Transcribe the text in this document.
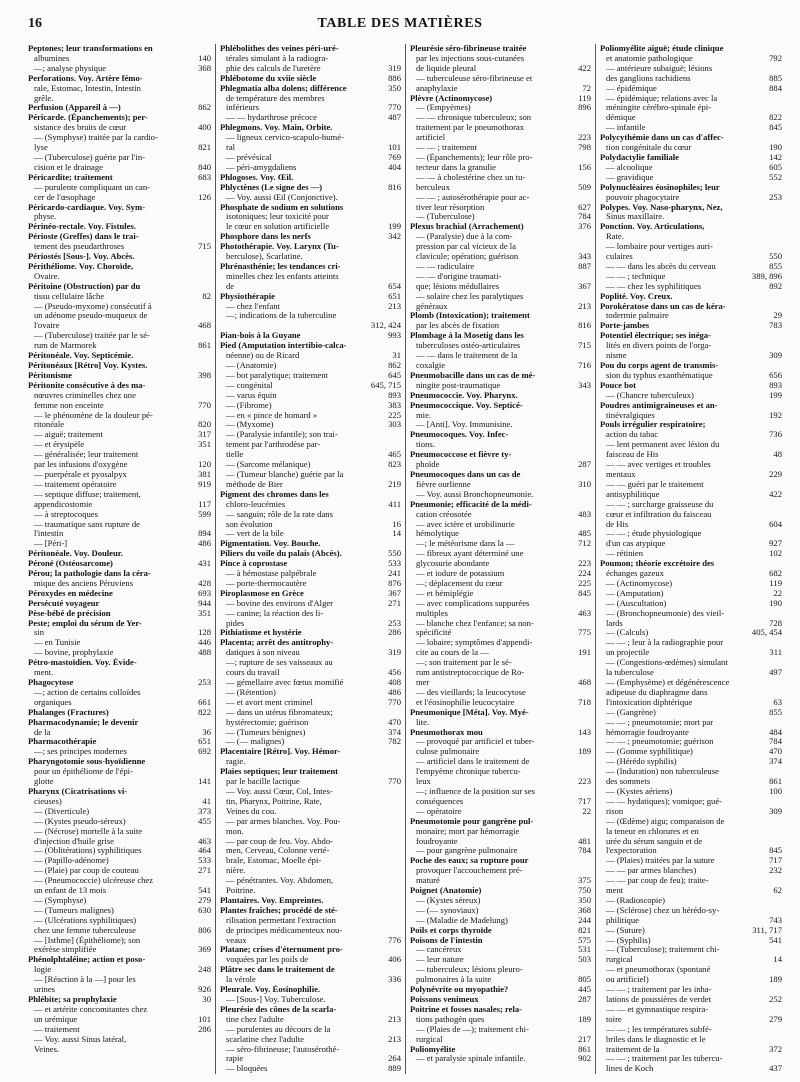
16	TABLE DES MATIÈRES
Peptones; leur transformations en
albumines	140
—; analyse physique	368
Perforations. Voy. Artère fémo-
rale, Estomac, Intestin, Intestin
grêle.
Perfusion (Appareil à —)	862
Péricarde. (Épanchements); per-
sistance des bruits de cœur	400
— (Symphyse) traitée par la cardio-
lyse	821
— (Tuberculose) guérie par l'in-
cision et le drainage	840
Péricardite; traitement	683
— purulente compliquant un can-
cer de l'œsophage	126
Péricardo-cardiaque. Voy. Sym-
physe.
Périnéo-rectale. Voy. Fistules.
Périoste (Greffes) dans le trai-
tement des pseudarthroses	715
Périostés [Sous-]. Voy. Abcès.
Périthéliome. Voy. Choroïde,
Ovaire.
Péritoine (Obstruction) par du
tissu cellulaire lâche	82
— (Pseudo-myxome) consécutif à
un adénome pseudo-muqueux de
l'ovaire	468
— (Tuberculose) traitée par le sé-
rum de Marmorek	861
Péritonéale. Voy. Septicémie.
Péritonéaux [Rétro] Voy. Kystes.
Péritonisme	398
Péritonite consécutive à des ma-
nœuvres criminelles chez une
femme non enceinte	770
— le phénomène de la douleur pé-
ritonéale	820
— aiguë; traitement	317
— et érysipèle	351
— généralisée; leur traitement
par les infusions d'oxygène	120
— puerpérale et pyosalpyx	381
— traitement opératoire	919
— septique diffuse; traitement,
appendicostomie	117
— à streptocoques	599
— traumatique sans rupture de
l'intestin	894
— [Péri-]	486
Péritonéale. Voy. Douleur.
Péroné (Ostéosarcome)	431
Pérou; la pathologie dans la céra-
mique des anciens Péruviens	428
Péroxydes en médecine	693
Persécuté voyageur	944
Pèse-bébé de précision	351
Peste; emploi du sérum de Yer-
sin	128
— en Tunisie	446
— bovine, prophylaxie	488
Pétro-mastoïdien. Voy. Évide-
ment.
Phagocytose	253
—; action de certains colloïdes
organiques	661
Phalanges (Fractures)	822
Pharmacodynamie; le devenir
de la	36
Pharmacothérapie	651
—; ses principes modernes	692
Pharyngotomie sous-hyoïdienne
pour un épithéliome de l'épi-
glotte	141
Pharynx (Cicatrisations vi-
cieuses)	41
— (Diverticule)	373
— (Kystes pseudo-séreux)	455
— (Nécrose) mortelle à la suite
d'injection d'huile grise	463
— (Oblitérations) syphilitiques	464
— (Papillo-adénome)	533
— (Plaie) par coup de couteau	271
— (Pneumococcie) ulcéreuse chez
un enfant de 13 mois	541
— (Symphyse)	279
— (Tumeurs malignes)	630
— (Ulcérations syphilitiques)
chez une femme tuberculeuse	806
— [Isthme] (Épithéliome); son
exérèse simplifiée	369
Phénolphtaléine; action et poso-
logie	248
— [Réaction à la —] pour les
urines	926
Phlébite; sa prophylaxie	30
— et artérite concomitantes chez
un urémique	101
— traitement	286
— Voy. aussi Sinus latéral,
Veines.
Phlébolithes des veines péri-uré-
térales simulant à la radiogra-
phie des calculs de l'uretère	319
Phlébotome du xviie siècle	886
Phlegmatia alba dolens; différence	350
de température des membres
inférieurs	770
— — hydarthrose précoce	487
Phlegmons. Voy. Main, Orbite.
— ligneux cervico-scapulo-humé-
ral	101
— prévésical	769
— péri-amygdaliens	404
Phlogoses. Voy. Œil.
Phlyctènes (Le signe des —)	816
— Voy. aussi Œil (Conjonctive).
Phosphate de sodium en solutions
isotoniques; leur toxicité pour
le cœur en solution artificielle	199
Phosphore dans les nerfs	342
Photothérapie. Voy. Larynx (Tu-
berculose), Scarlatine.
Phrénasthénie; les tendances cri-
minelles chez les enfants atteints
de	654
Physiothérapie	651
— chez l'enfant	213
—; indications de la tuberculine
312, 424
Pian-bois à la Guyane	993
Pied (Amputation intertibio-calca-
néenne) ou de Ricard	31
— (Anatomie)	862
— bot paralytique; traitement	645
— congénital	645, 715
— varus équin	893
— (Fibrome)	383
— en « pince de homard »	225
— (Myxome)	303
— (Paralysie infantile); son trai-
tement par l'arthrodèse par-
tielle	465
— (Sarcome mélanique)	823
— (Tumeur blanche) guérie par la
méthode de Bier	219
Pigment des chromes dans les
chloro-leucémies	411
— sanguin; rôle de la rate dans
son évolution	16
— vert de la bile	14
Pigmentation. Voy. Bouche.
Piliers du voile du palais (Abcès).	550
Pince à coprostase	533
— à hémostase palpébrale	241
— porte-thermocautère	876
Piroplasmose en Grèce	367
— bovine des environs d'Alger	271
— canine; la réaction des li-
pides	253
Pithiatisme et hystérie	286
Placenta; arrêt des antitrophy-
datiques à son niveau	319
—; rupture de ses vaisseaux au
cours du travail	456
— gémellaire avec fœtus momifié	408
— (Rétention)	486
— et avort ment criminel	770
— dans un utérus fibromateux;
hystérectomie; guérison	470
— (Tumeurs bénignes)	374
— (— malignes)	782
Placentaire [Rétro]. Voy. Hémor-
ragie.
Plaies septiques; leur traitement
par le bacille lactique	770
— Voy. aussi Cœur, Col, Intes-
tin, Pharynx, Poitrine, Rate,
Veines du cou.
— par armes blanches. Voy. Pou-
mon.
— par coup de feu. Voy. Abdo-
men, Cerveau, Colonne verté-
brale, Estomac, Moelle épi-
nière.
— pénétrantes. Voy. Abdomen,
Poitrine.
Plantaires. Voy. Empreintes.
Plantes fraîches; procédé de sté-
rilisation permettant l'extraction
de principes médicamenteux nou-
veaux	776
Platane; crises d'éternument pro-
voquées par les poils de	406
Plâtre sec dans le traitement de
la vérole	336
Pleurale. Voy. Éosinophilie.
— [Sous-] Voy. Tuberculose.
Pleurésie des cônes de la scarla-
tine chez l'adulte	213
— purulentes au décours de la
scarlatine chez l'adulte	213
— séro-fibrineuse; l'autosérothé-
rapie	264
— bloquées	889
Pleurésie séro-fibrineuse traitée
par les injections sous-cutanées
de liquide pleural	422
— tuberculeuse séro-fibrineuse et
anaphylaxie	72
Plèvre (Actinomycose)	119
— (Empyèmes)	896
— — chronique tuberculeux; son
traitement par le pneumothorax
artificiel	223
— — ; traitement	798
— (Épanchements); leur rôle pro-
tecteur dans la granulie	156
— — à cholestérine chez un tu-
berculeux	509
— — ; autosérothérapie pour ac-
tiver leur résorption	627
— (Tuberculose)	784
Plexus brachial (Arrachement)	376
— (Paralysie) due à la com-
pression par cal vicieux de la
clavicule; opération; guérison	343
— — radiculaire	887
— — d'origine traumati-
que; lésions médullaires	367
— solaire chez les paralytiques
généraux	213
Plomb (Intoxication); traitement
par les abcès de fixation	816
Plombage à la Mosetig dans les
tuberculoses ostéo-articulaires	715
— — dans le traitement de la
coxalgie	716
Pneumobacille dans un cas de mé-
ningite post-traumatique	343
Pneumococcie. Voy. Pharynx.
Pneumococcique. Voy. Septicé-
mie.
— [Anti]. Voy. Immunisine.
Pneumocoques. Voy. Infec-
tions.
Pneumococcose et fièvre ty-
phoïde	287
Pneumocoques dans un cas de
fièvre ourlienne	310
— Voy. aussi Bronchopneumonie.
Pneumonie; efficacité de la médi-
cation créosotée	483
— avec ictère et urobilinurie
hémolytique	485
—; le météorisme dans la —	712
— fibreux ayant déterminé une
glycosurie abondante	223
— et iodure de potassium	224
—; déplacement du cœur	225
— et hémiplégie	845
— avec complications suppurées
multiples	463
— blanche chez l'enfance; sa non-
spécificité	775
— lobaire; symptômes d'appendi-
cite au cours de la —	191
—; son traitement par le sé-
rum antistreptococcique de Ro-
mer	468
— des vieillards; la leucocytose
et l'éosinophilie leucocytaire	718
Pneumonique [Méta]. Voy. Myé-
lite.
Pneumothorax mou	143
— provoqué par artificiel et tuber-
culose pulmonaire	189
— artificiel dans le traitement de
l'empyème chronique tubercu-
leux	223
—; influence de la position sur ses
conséquences	717
— opératoire	22
Pneumotomie pour gangrène pul-
monaire; mort par hémorragie
foudroyante	481
— pour gangrène pulmonaire	784
Poche des eaux; sa rupture pour
provoquer l'accouchement pré-
maturé	375
Poignet (Anatomie)	750
— (Kystes séreux)	350
— (— synoviaux)	368
— (Maladie de Madelung)	244
Poils et corps thyroïde	821
Poisons de l'intestin	575
— cancéreux	531
— leur nature	503
— tuberculeux; lésions pleuro-
pulmonaires à la suite	805
Polynévrite ou myopathie?	445
Poissons venimeux	287
Poitrine et fosses nasales; rela-
tions pathogén ques	189
— (Plaies de —); traitement chi-
rurgical	217
Poliomyélite	861
— et paralysie spinale infantile.	902
Poliomyélite aiguë; étude clinique
et anatomie pathologique	792
— antérieure subaiguë; lésions
des ganglions rachidiens	885
— épidémique	884
— épidémique; relations avec la
méningite cérébro-spinale épi-
démique	822
— infantile	845
Polycythémie dans un cas d'affec-
tion congénitale du cœur	190
Polydactylie familiale	142
— alcoolique	605
— gravidique	552
Polynucléaires éosinophiles; leur
pouvoir phagocytaire	253
Polypes. Voy. Naso-pharynx, Nez,
Sinus maxillaire.
Ponction. Voy. Articulations,
Rate.
— lombaire pour vertiges auri-
culaires	550
— — dans les abcès du cerveau	855
— — ; technique	389, 896
— — chez les syphilitiques	892
Poplité. Voy. Creux.
Porokératose dans un cas de kéra-
todermie palmaire	29
Porte-jambes	783
Potentiel électrique; ses inéga-
lités en divers points de l'orga-
nisme	309
Pou du corps agent de transmis-
sion du typhus exanthématique	656
Pouce bot	893
— (Chancre tuberculeux)	199
Poudres antimigraineuses et an-
tinévralgiques	192
Pouls irrégulier respiratoire;
action du tabac	736
— lent permanent avec lésion du
faisceau de His	48
— — avec vertiges et troubles
mentaux	229
— — guéri par le traitement
antisyphilitique	422
— — ; surcharge graisseuse du
cœur et infiltration du faisceau
de His	604
— — ; étude physiologique
d'un cas atypique	927
— rétinien	102
Poumon; théorie excrétoire des
échanges gazeux	682
— (Actinomycose)	119
— (Amputation)	22
— (Auscultation)	190
— (Bronchopneumonie) des vieil-
lards	728
— (Calculs)	405, 454
— — ; leur à la radiographie pour
un projectile	311
— (Congestions-œdèmes) simulant
la tuberculose	497
— (Emphysème) et dégénérescence
adipeuse du diaphragme dans
l'intoxication diphtérique	63
— (Gangrène)	855
— — ; pneumotomie; mort par
hémorragie foudroyante	484
— — ; pneumotomie; guérison	784
— (Gomme syphilitique)	470
— (Hérédo syphilis)	374
— (Induration) non tuberculeuse
des sommets	861
— (Kystes aériens)	100
— — hydatiques); vomique; gué-
rison	309
— (Œdème) aigu; comparaison de
la teneur en chlorures et en
urée du sérum sanguin et de
l'expectoration	845
— (Plaies) traitées par la suture	717
— — par armes blanches)	232
— — par coup de feu); traite-
ment	62
— (Radioscopie)
— (Sclérose) chez un hérédo-sy-
philitique	743
— (Suture)	311, 717
— (Syphilis)	541
— (Tuberculose); traitement chi-
rurgical	14
— et pneumothorax (spontané
ou artificiel)	189
— — ; traitement par les inha-
lations de poussières de verdet	252
— — et gymnastique respira-
toire	279
— — ; les températures subfé-
briles dans le diagnostic et le
traitement de la	372
— — ; traitement par les tubercu-
lines de Koch	437
